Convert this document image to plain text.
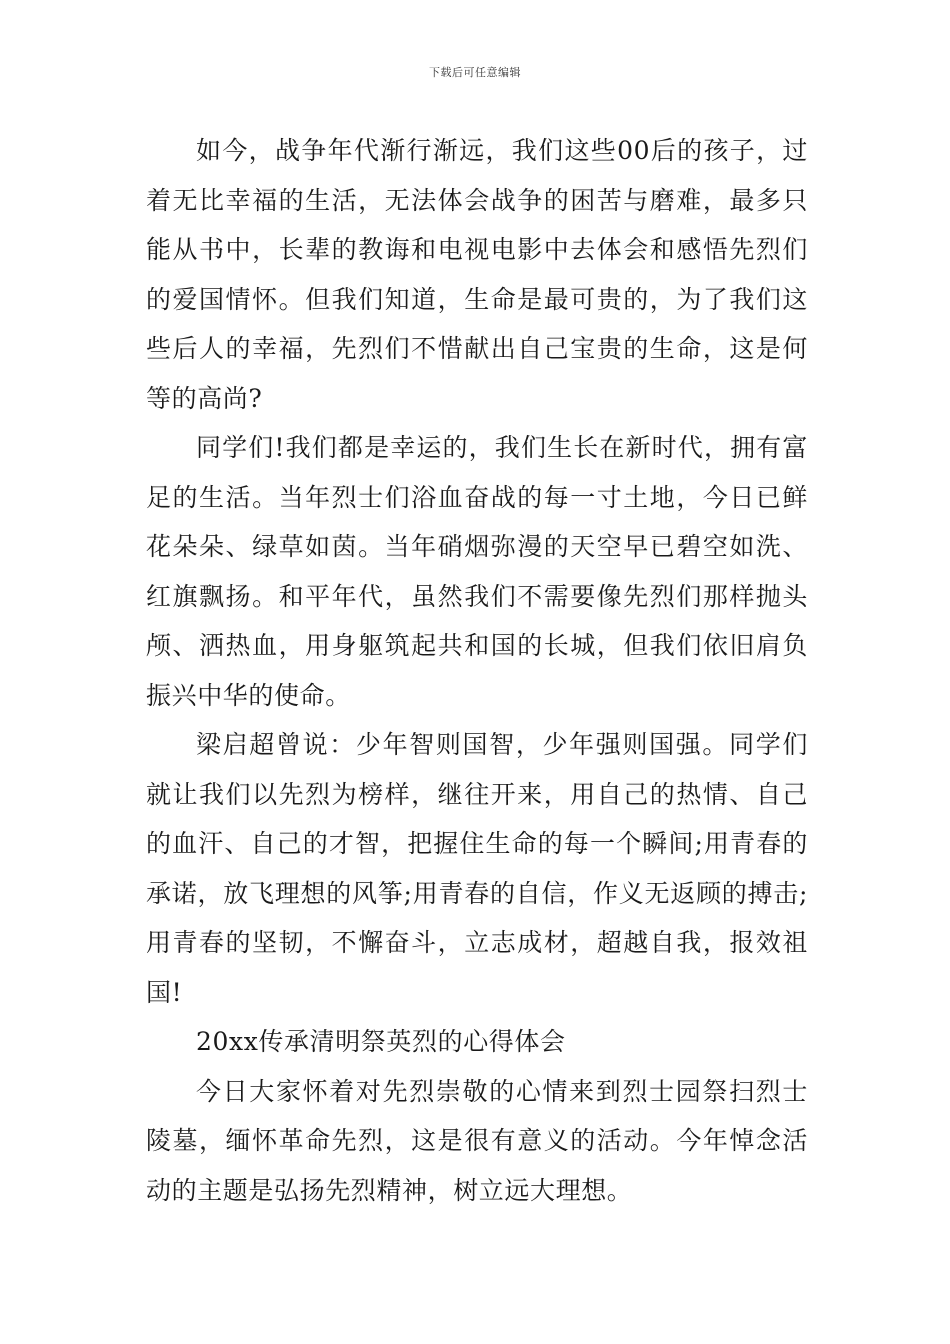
下载后可任意编辑

如今，战争年代渐行渐远，我们这些00后的孩子，过着无比幸福的生活，无法体会战争的困苦与磨难，最多只能从书中，长辈的教诲和电视电影中去体会和感悟先烈们的爱国情怀。但我们知道，生命是最可贵的，为了我们这些后人的幸福，先烈们不惜献出自己宝贵的生命，这是何等的高尚?

同学们!我们都是幸运的，我们生长在新时代，拥有富足的生活。当年烈士们浴血奋战的每一寸土地，今日已鲜花朵朵、绿草如茵。当年硝烟弥漫的天空早已碧空如洗、红旗飘扬。和平年代，虽然我们不需要像先烈们那样抛头颅、洒热血，用身躯筑起共和国的长城，但我们依旧肩负振兴中华的使命。

梁启超曾说：少年智则国智，少年强则国强。同学们就让我们以先烈为榜样，继往开来，用自己的热情、自己的血汗、自己的才智，把握住生命的每一个瞬间;用青春的承诺，放飞理想的风筝;用青春的自信，作义无返顾的搏击;用青春的坚韧，不懈奋斗，立志成材，超越自我，报效祖国!

20xx传承清明祭英烈的心得体会

今日大家怀着对先烈崇敬的心情来到烈士园祭扫烈士陵墓，缅怀革命先烈，这是很有意义的活动。今年悼念活动的主题是弘扬先烈精神，树立远大理想。
